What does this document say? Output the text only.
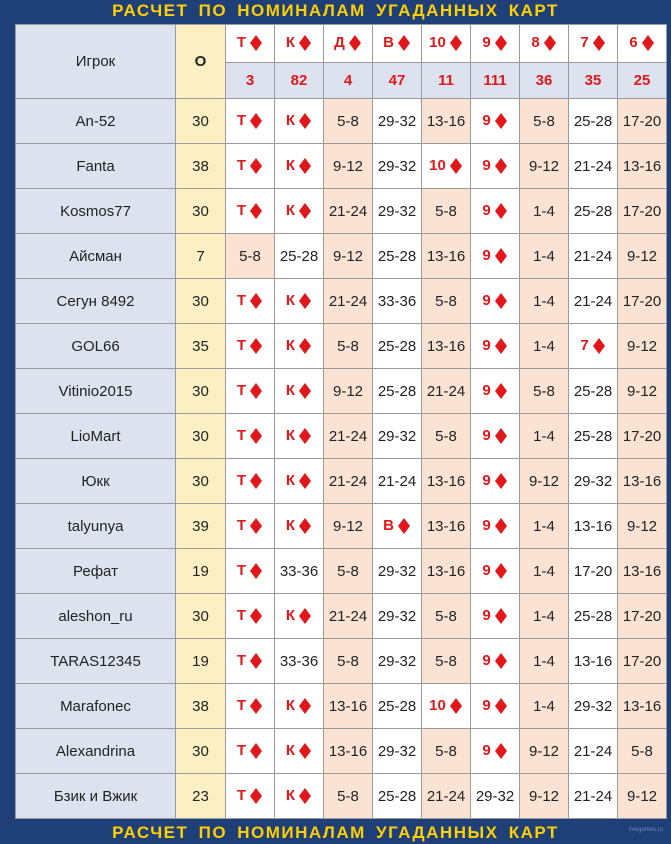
РАСЧЕТ ПО НОМИНАЛАМ УГАДАННЫХ КАРТ
Игрок	О	Т	К	Д	В	10	9	8	7	6
		3	82	4	47	11	111	36	35	25
An-52	30	Т	К	5-8	29-32	13-16	9	5-8	25-28	17-20
Fanta	38	Т	К	9-12	29-32	10	9	9-12	21-24	13-16
Kosmos77	30	Т	К	21-24	29-32	5-8	9	1-4	25-28	17-20
Айсман	7	5-8	25-28	9-12	25-28	13-16	9	1-4	21-24	9-12
Сегун 8492	30	Т	К	21-24	33-36	5-8	9	1-4	21-24	17-20
GOL66	35	Т	К	5-8	25-28	13-16	9	1-4	7	9-12
Vitinio2015	30	Т	К	9-12	25-28	21-24	9	5-8	25-28	9-12
LioMart	30	Т	К	21-24	29-32	5-8	9	1-4	25-28	17-20
Юкк	30	Т	К	21-24	21-24	13-16	9	9-12	29-32	13-16
talyunya	39	Т	К	9-12	В	13-16	9	1-4	13-16	9-12
Рефат	19	Т	33-36	5-8	29-32	13-16	9	1-4	17-20	13-16
aleshon_ru	30	Т	К	21-24	29-32	5-8	9	1-4	25-28	17-20
TARAS12345	19	Т	33-36	5-8	29-32	5-8	9	1-4	13-16	17-20
Marafonec	38	Т	К	13-16	25-28	10	9	1-4	29-32	13-16
Alexandrina	30	Т	К	13-16	29-32	5-8	9	9-12	21-24	5-8
Бзик и Вжик	23	Т	К	5-8	25-28	21-24	29-32	9-12	21-24	9-12
РАСЧЕТ ПО НОМИНАЛАМ УГАДАННЫХ КАРТ	livegames.ru
